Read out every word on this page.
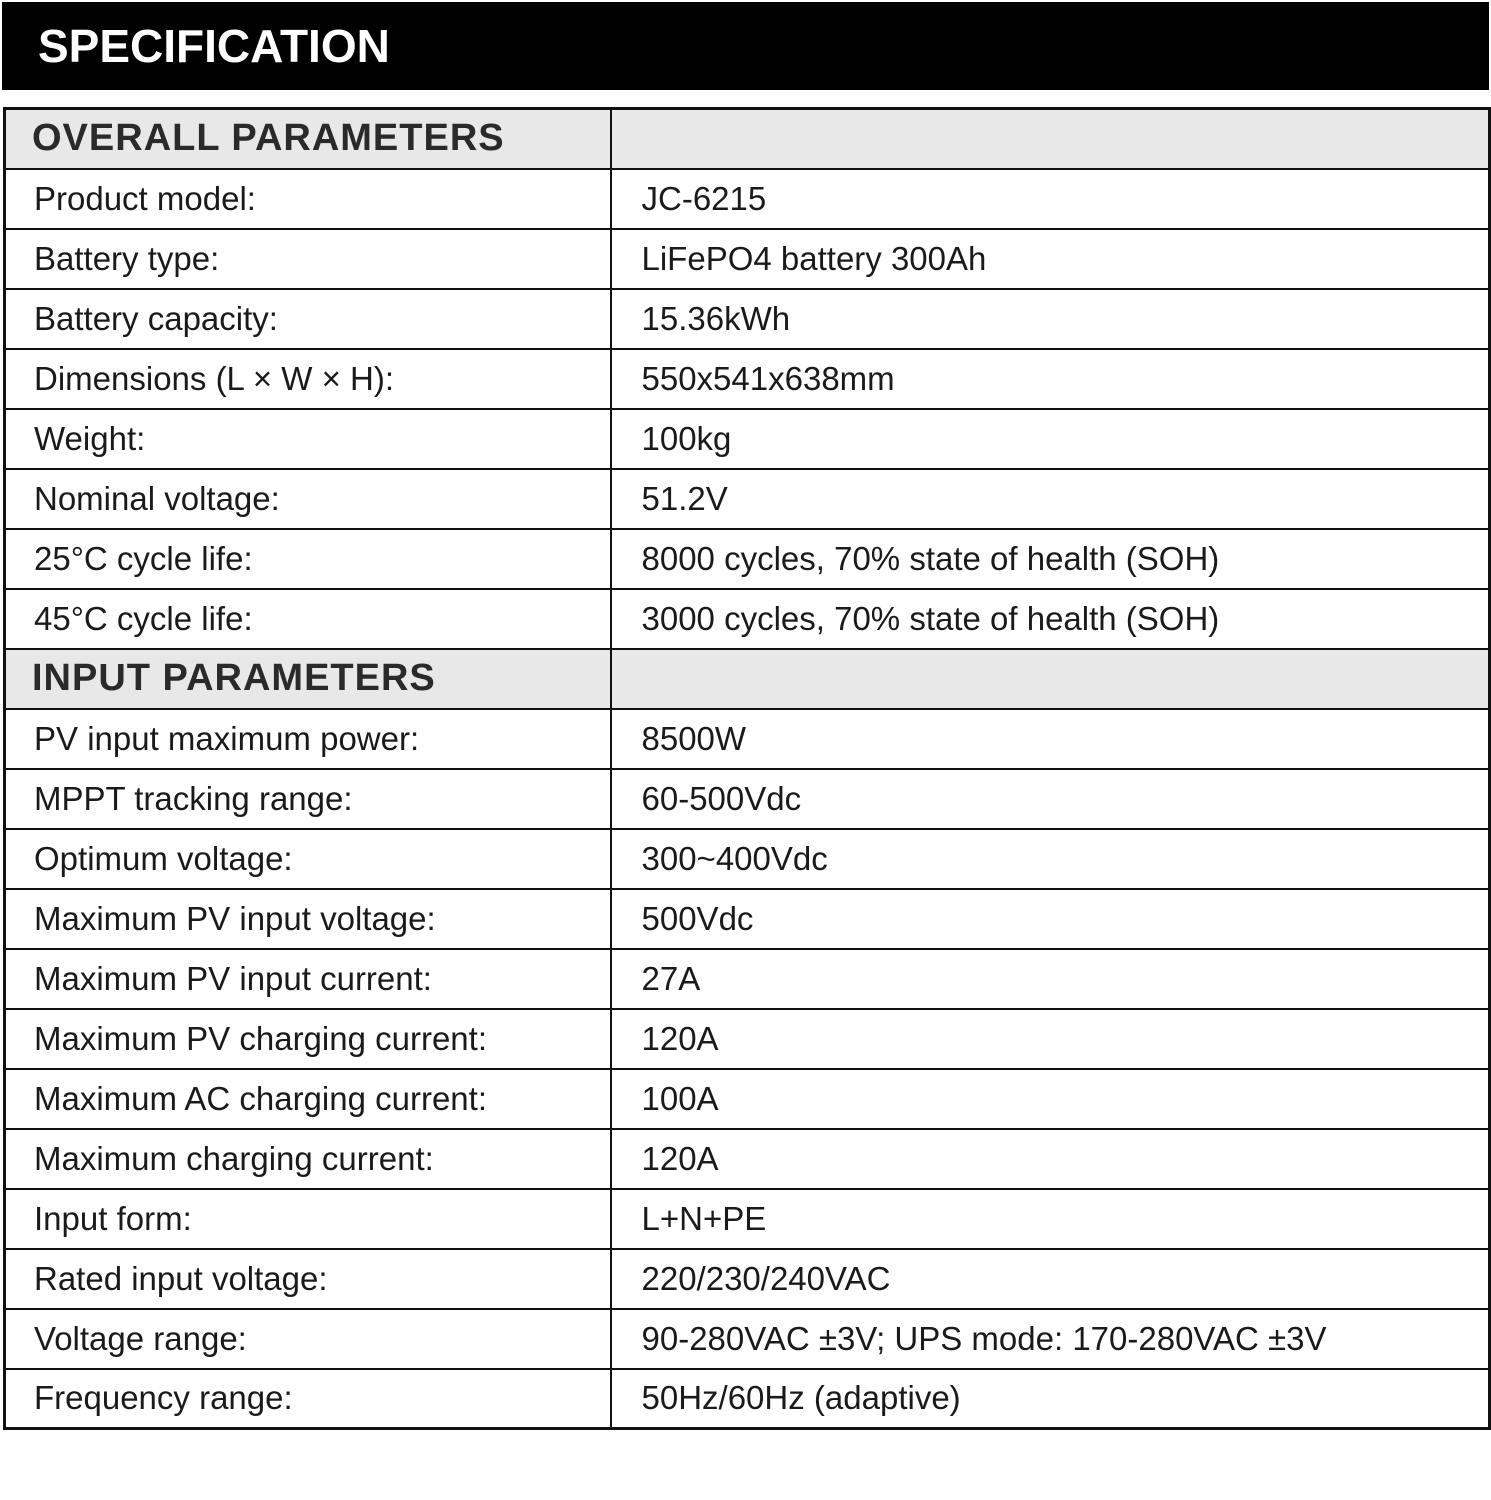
SPECIFICATION
OVERALL PARAMETERS	
Product model:	JC-6215
Battery type:	LiFePO4 battery 300Ah
Battery capacity:	15.36kWh
Dimensions (L × W × H):	550x541x638mm
Weight:	100kg
Nominal voltage:	51.2V
25°C cycle life:	8000 cycles, 70% state of health (SOH)
45°C cycle life:	3000 cycles, 70% state of health (SOH)
INPUT PARAMETERS	
PV input maximum power:	8500W
MPPT tracking range:	60-500Vdc
Optimum voltage:	300~400Vdc
Maximum PV input voltage:	500Vdc
Maximum PV input current:	27A
Maximum PV charging current:	120A
Maximum AC charging current:	100A
Maximum charging current:	120A
Input form:	L+N+PE
Rated input voltage:	220/230/240VAC
Voltage range:	90-280VAC ±3V; UPS mode: 170-280VAC ±3V
Frequency range:	50Hz/60Hz (adaptive)
